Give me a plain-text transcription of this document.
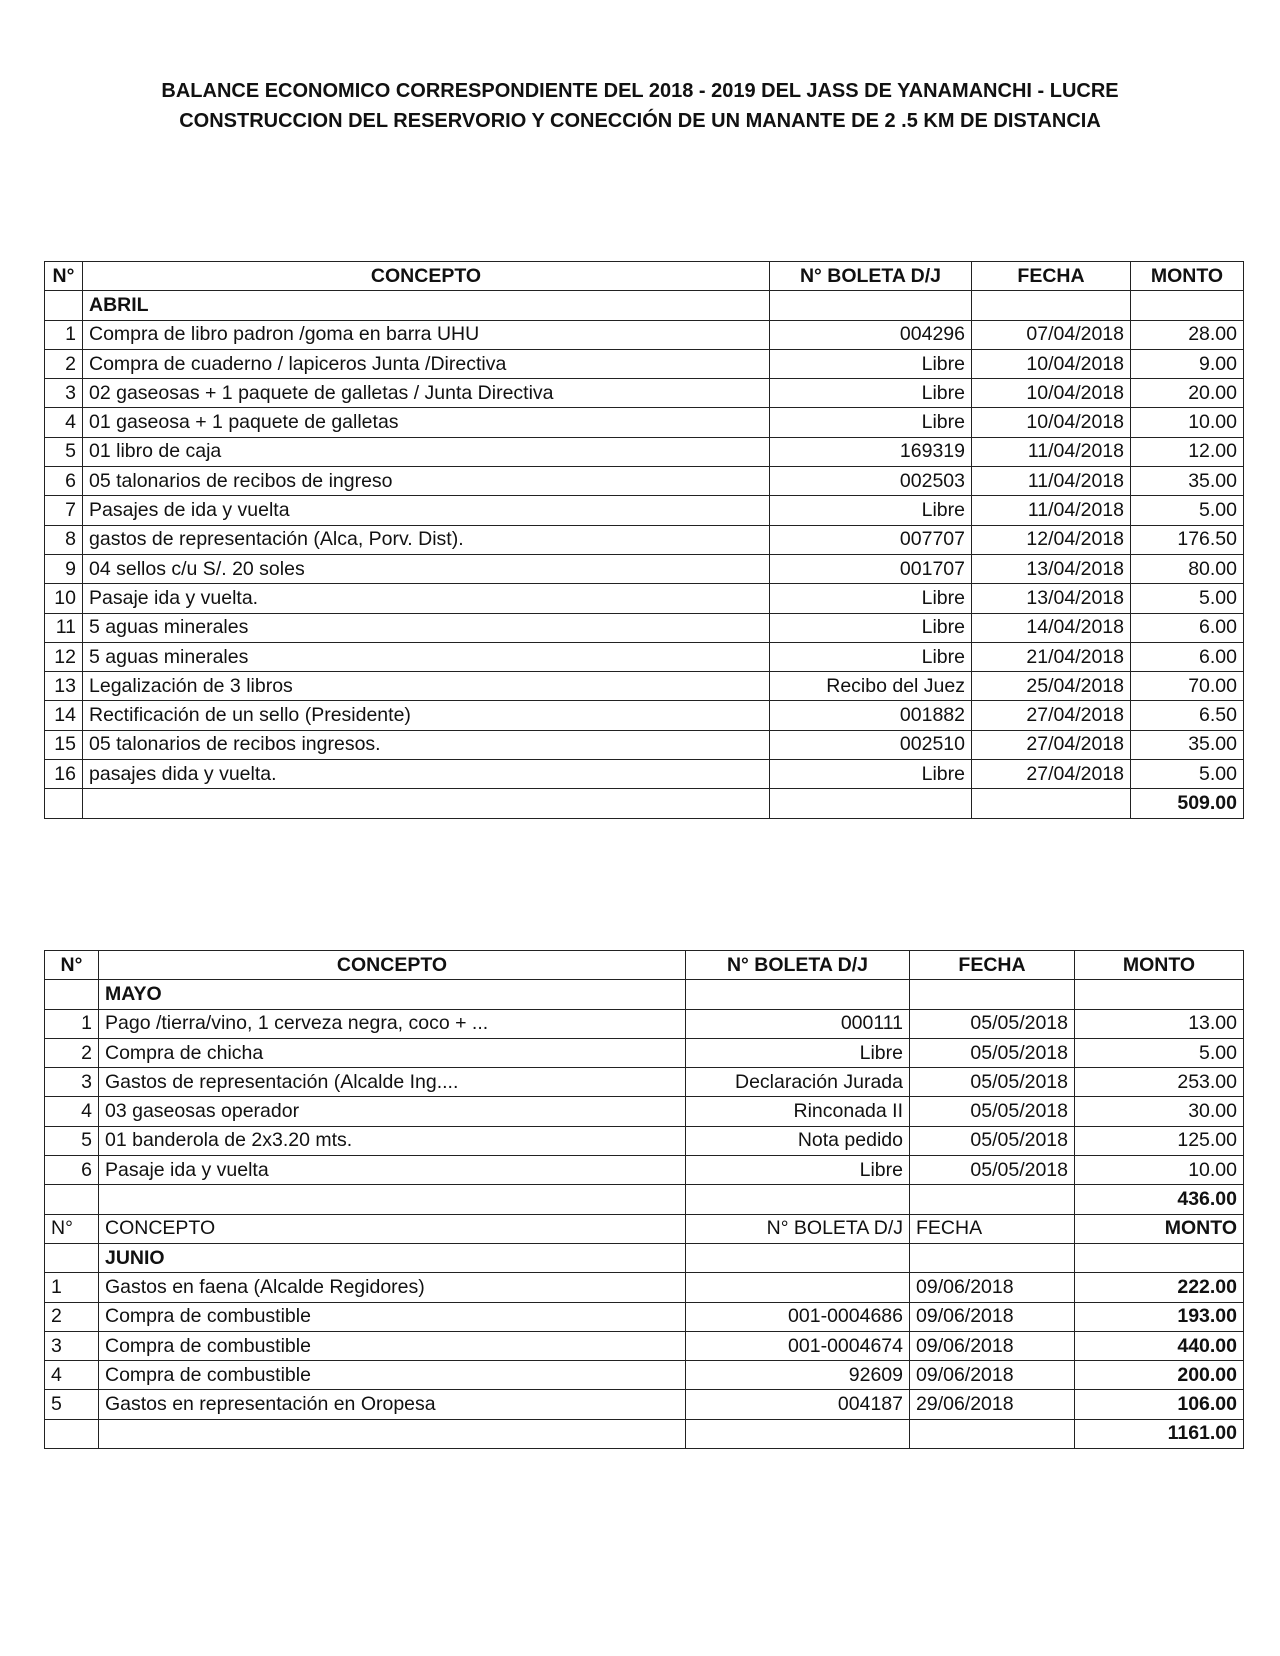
BALANCE ECONOMICO CORRESPONDIENTE DEL 2018 - 2019 DEL JASS DE YANAMANCHI - LUCRE
CONSTRUCCION DEL RESERVORIO Y CONECCIÓN DE UN MANANTE DE 2 .5 KM DE DISTANCIA
N°	CONCEPTO	N° BOLETA D/J	FECHA	MONTO
	ABRIL			
1	Compra de libro padron /goma en barra UHU	004296	07/04/2018	28.00
2	Compra de cuaderno / lapiceros Junta /Directiva	Libre	10/04/2018	9.00
3	02 gaseosas + 1 paquete de galletas / Junta Directiva	Libre	10/04/2018	20.00
4	01 gaseosa + 1 paquete de galletas	Libre	10/04/2018	10.00
5	01 libro de caja	169319	11/04/2018	12.00
6	05 talonarios de recibos de ingreso	002503	11/04/2018	35.00
7	Pasajes de ida y vuelta	Libre	11/04/2018	5.00
8	gastos de representación (Alca, Porv. Dist).	007707	12/04/2018	176.50
9	04 sellos c/u S/. 20 soles	001707	13/04/2018	80.00
10	Pasaje ida y vuelta.	Libre	13/04/2018	5.00
11	5 aguas minerales	Libre	14/04/2018	6.00
12	5 aguas minerales	Libre	21/04/2018	6.00
13	Legalización de 3 libros	Recibo del Juez	25/04/2018	70.00
14	Rectificación de un sello (Presidente)	001882	27/04/2018	6.50
15	05 talonarios de recibos ingresos.	002510	27/04/2018	35.00
16	pasajes dida y vuelta.	Libre	27/04/2018	5.00
				509.00
N°	CONCEPTO	N° BOLETA D/J	FECHA	MONTO
	MAYO			
1	Pago /tierra/vino, 1 cerveza negra, coco + ...	000111	05/05/2018	13.00
2	Compra de chicha	Libre	05/05/2018	5.00
3	Gastos de representación (Alcalde Ing....	Declaración Jurada	05/05/2018	253.00
4	03 gaseosas operador	Rinconada II	05/05/2018	30.00
5	01 banderola de 2x3.20 mts.	Nota pedido	05/05/2018	125.00
6	Pasaje ida y vuelta	Libre	05/05/2018	10.00
				436.00
N°	CONCEPTO	N° BOLETA D/J	FECHA	MONTO
	JUNIO			
1	Gastos en faena (Alcalde Regidores)		09/06/2018	222.00
2	Compra de combustible	001-0004686	09/06/2018	193.00
3	Compra de combustible	001-0004674	09/06/2018	440.00
4	Compra de combustible	92609	09/06/2018	200.00
5	Gastos en representación en Oropesa	004187	29/06/2018	106.00
				1161.00
